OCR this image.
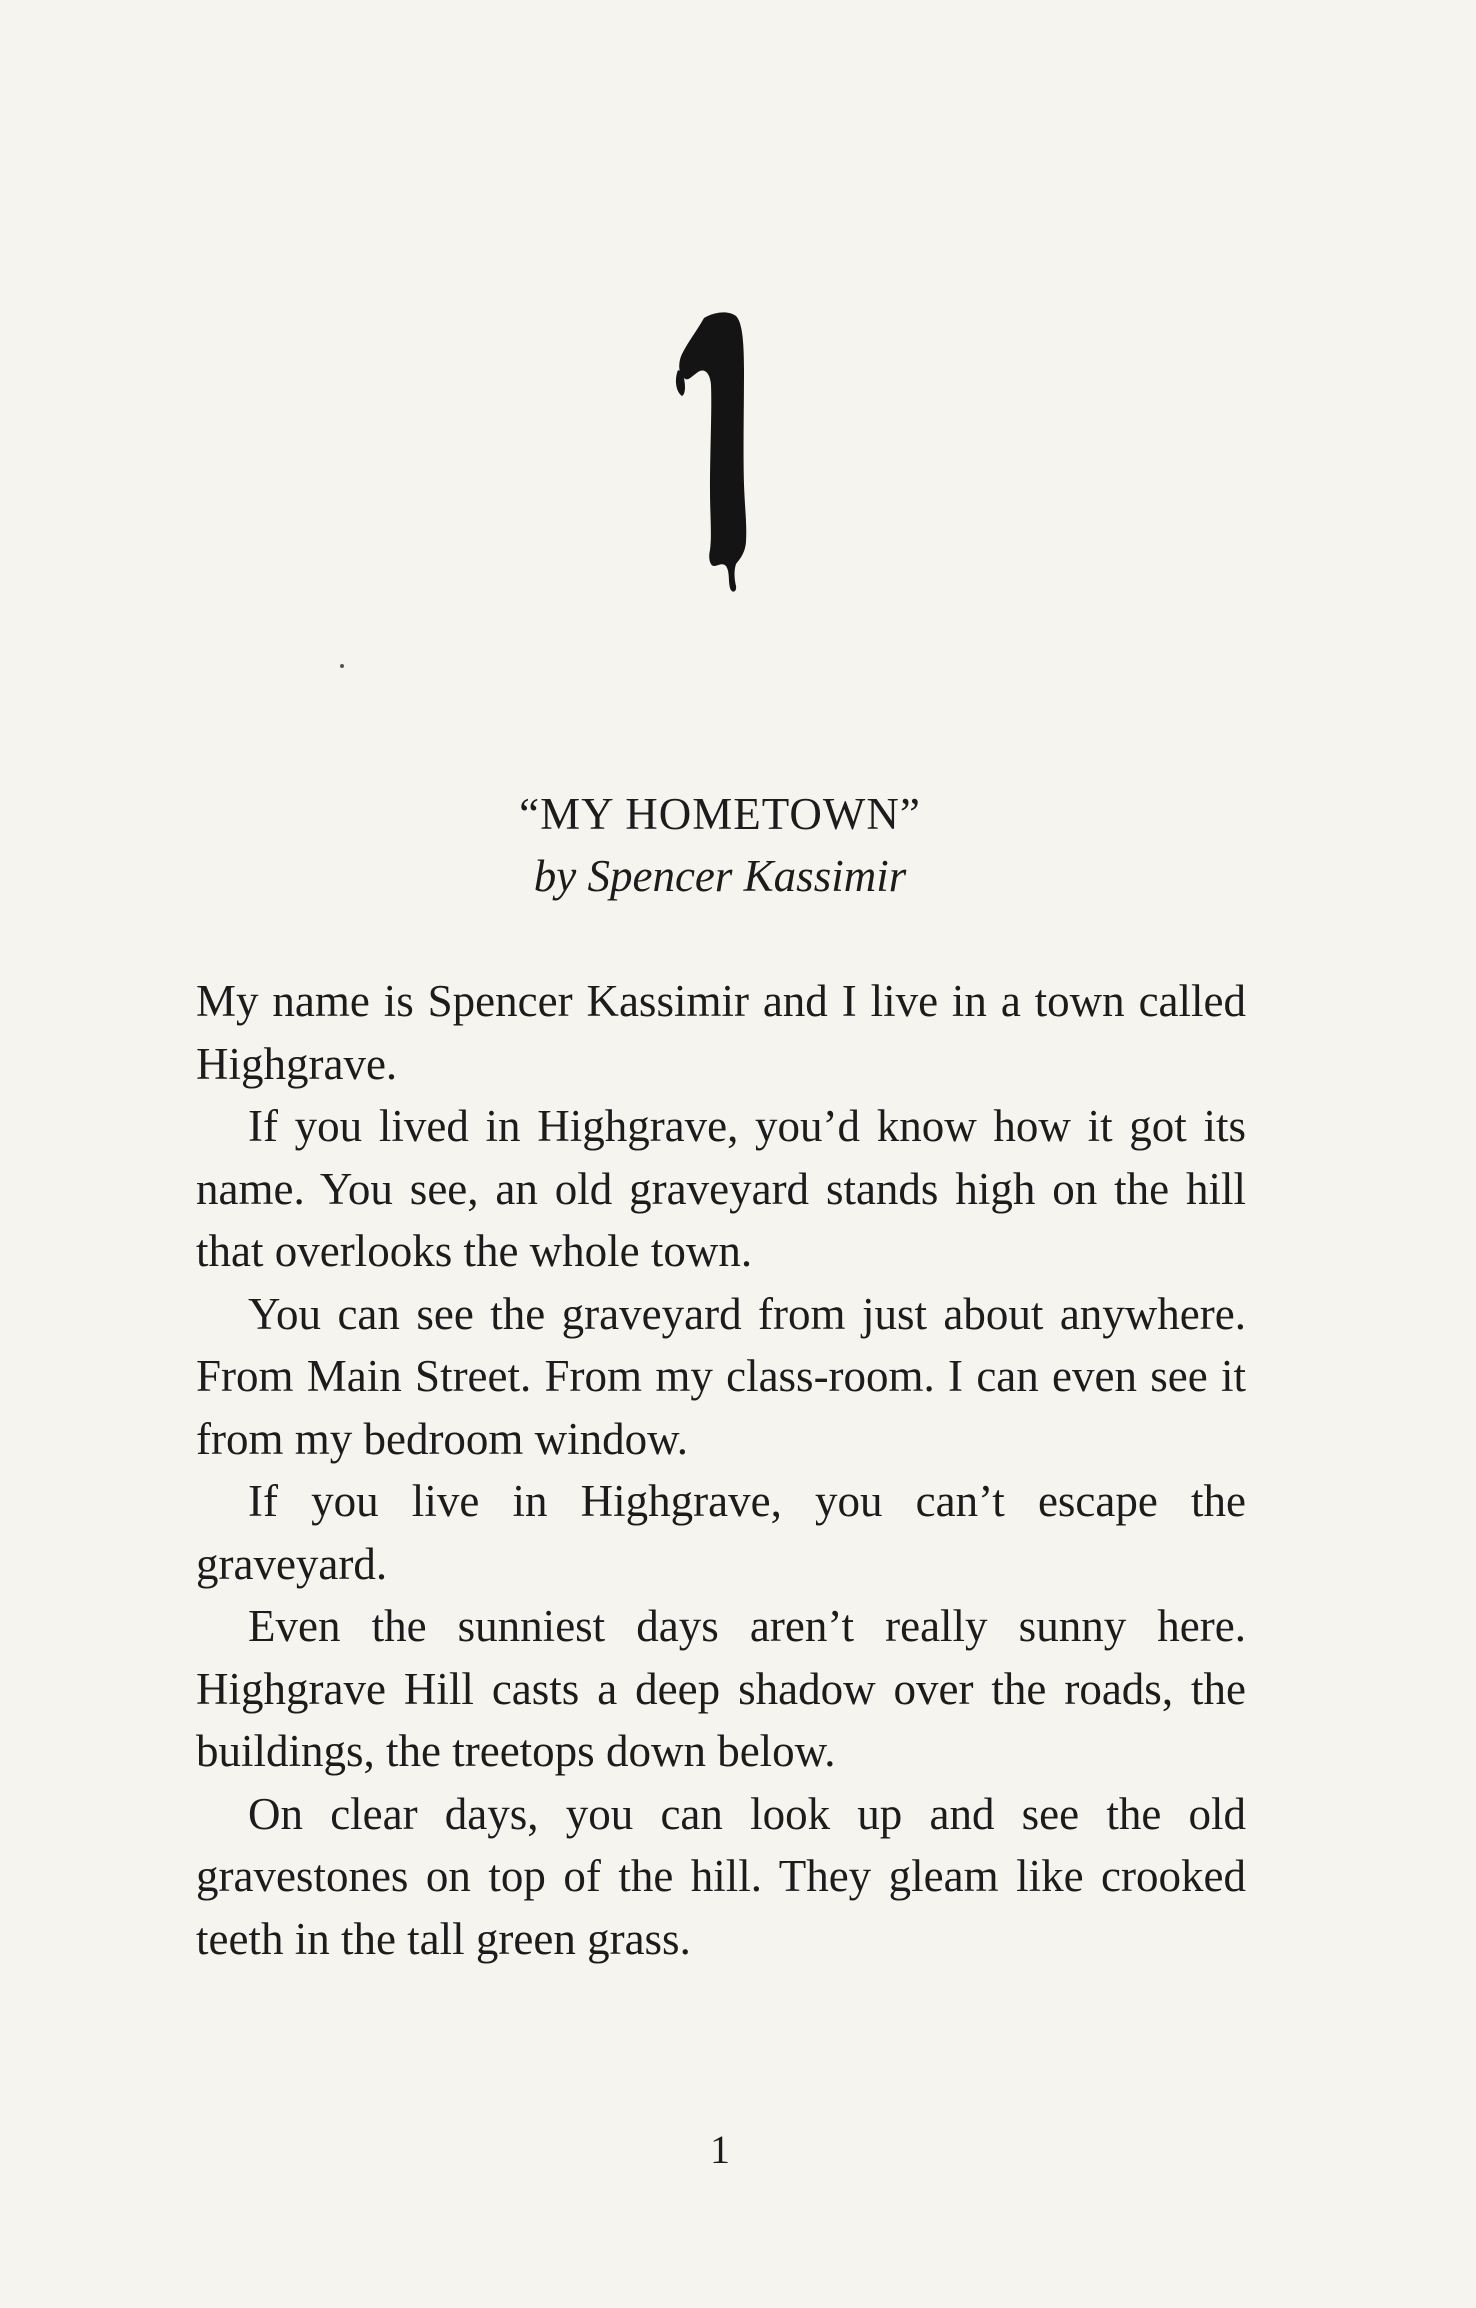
“MY HOMETOWN”
by Spencer Kassimir

My name is Spencer Kassimir and I live in a town called Highgrave.

If you lived in Highgrave, you’d know how it got its name. You see, an old graveyard stands high on the hill that overlooks the whole town.

You can see the graveyard from just about anywhere. From Main Street. From my class-room. I can even see it from my bedroom window.

If you live in Highgrave, you can’t escape the graveyard.

Even the sunniest days aren’t really sunny here. Highgrave Hill casts a deep shadow over the roads, the buildings, the treetops down below.

On clear days, you can look up and see the old gravestones on top of the hill. They gleam like crooked teeth in the tall green grass.

1
